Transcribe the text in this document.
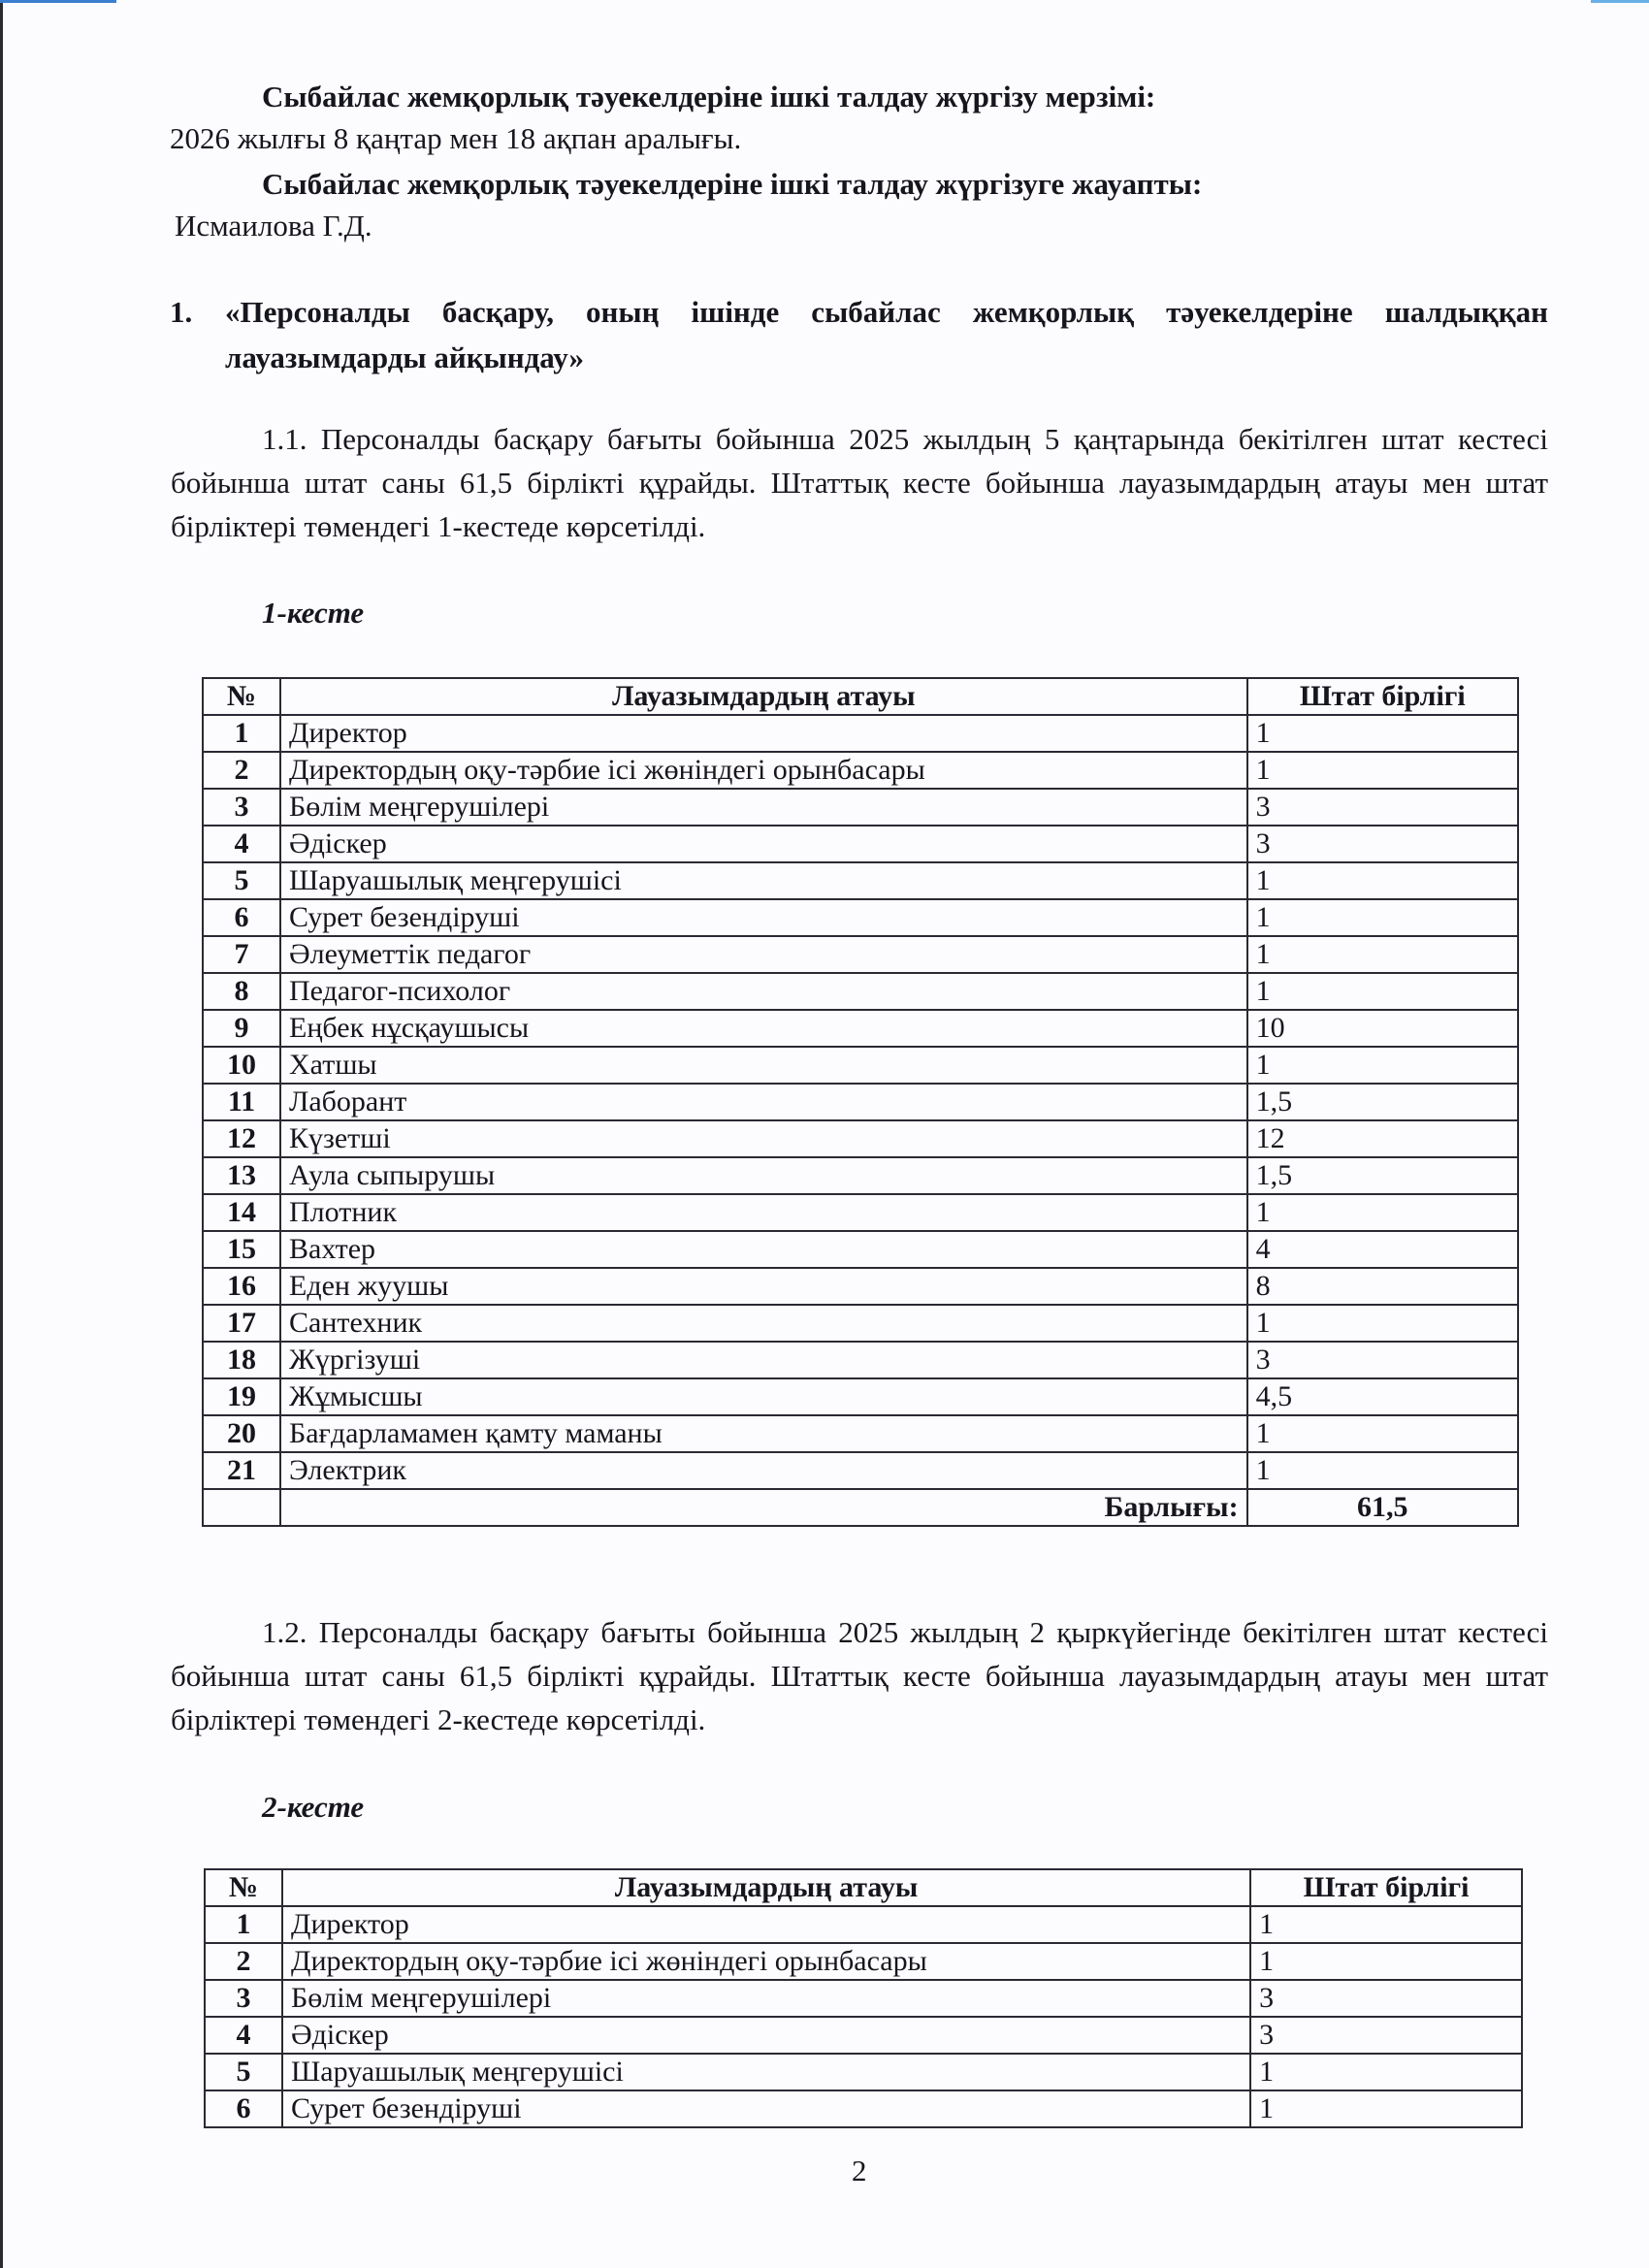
Сыбайлас жемқорлық тәуекелдеріне ішкі талдау жүргізу мерзімі:
2026 жылғы 8 қаңтар мен 18 ақпан аралығы.
Сыбайлас жемқорлық тәуекелдеріне ішкі талдау жүргізуге жауапты:
Исмаилова Г.Д.
1. «Персоналды басқару, оның ішінде сыбайлас жемқорлық тәуекелдеріне шалдыққан лауазымдарды айқындау»
1.1. Персоналды басқару бағыты бойынша 2025 жылдың 5 қаңтарында бекітілген штат кестесі бойынша штат саны 61,5 бірлікті құрайды. Штаттық кесте бойынша лауазымдардың атауы мен штат бірліктері төмендегі 1-кестеде көрсетілді.
1-кесте
№	Лауазымдардың атауы	Штат бірлігі
1	Директор	1
2	Директордың оқу-тәрбие ісі жөніндегі орынбасары	1
3	Бөлім меңгерушілері	3
4	Әдіскер	3
5	Шаруашылық меңгерушісі	1
6	Сурет безендіруші	1
7	Әлеуметтік педагог	1
8	Педагог-психолог	1
9	Еңбек нұсқаушысы	10
10	Хатшы	1
11	Лаборант	1,5
12	Күзетші	12
13	Аула сыпырушы	1,5
14	Плотник	1
15	Вахтер	4
16	Еден жуушы	8
17	Сантехник	1
18	Жүргізуші	3
19	Жұмысшы	4,5
20	Бағдарламамен қамту маманы	1
21	Электрик	1
	Барлығы:	61,5
1.2. Персоналды басқару бағыты бойынша 2025 жылдың 2 қыркүйегінде бекітілген штат кестесі бойынша штат саны 61,5 бірлікті құрайды. Штаттық кесте бойынша лауазымдардың атауы мен штат бірліктері төмендегі 2-кестеде көрсетілді.
2-кесте
№	Лауазымдардың атауы	Штат бірлігі
1	Директор	1
2	Директордың оқу-тәрбие ісі жөніндегі орынбасары	1
3	Бөлім меңгерушілері	3
4	Әдіскер	3
5	Шаруашылық меңгерушісі	1
6	Сурет безендіруші	1
2
